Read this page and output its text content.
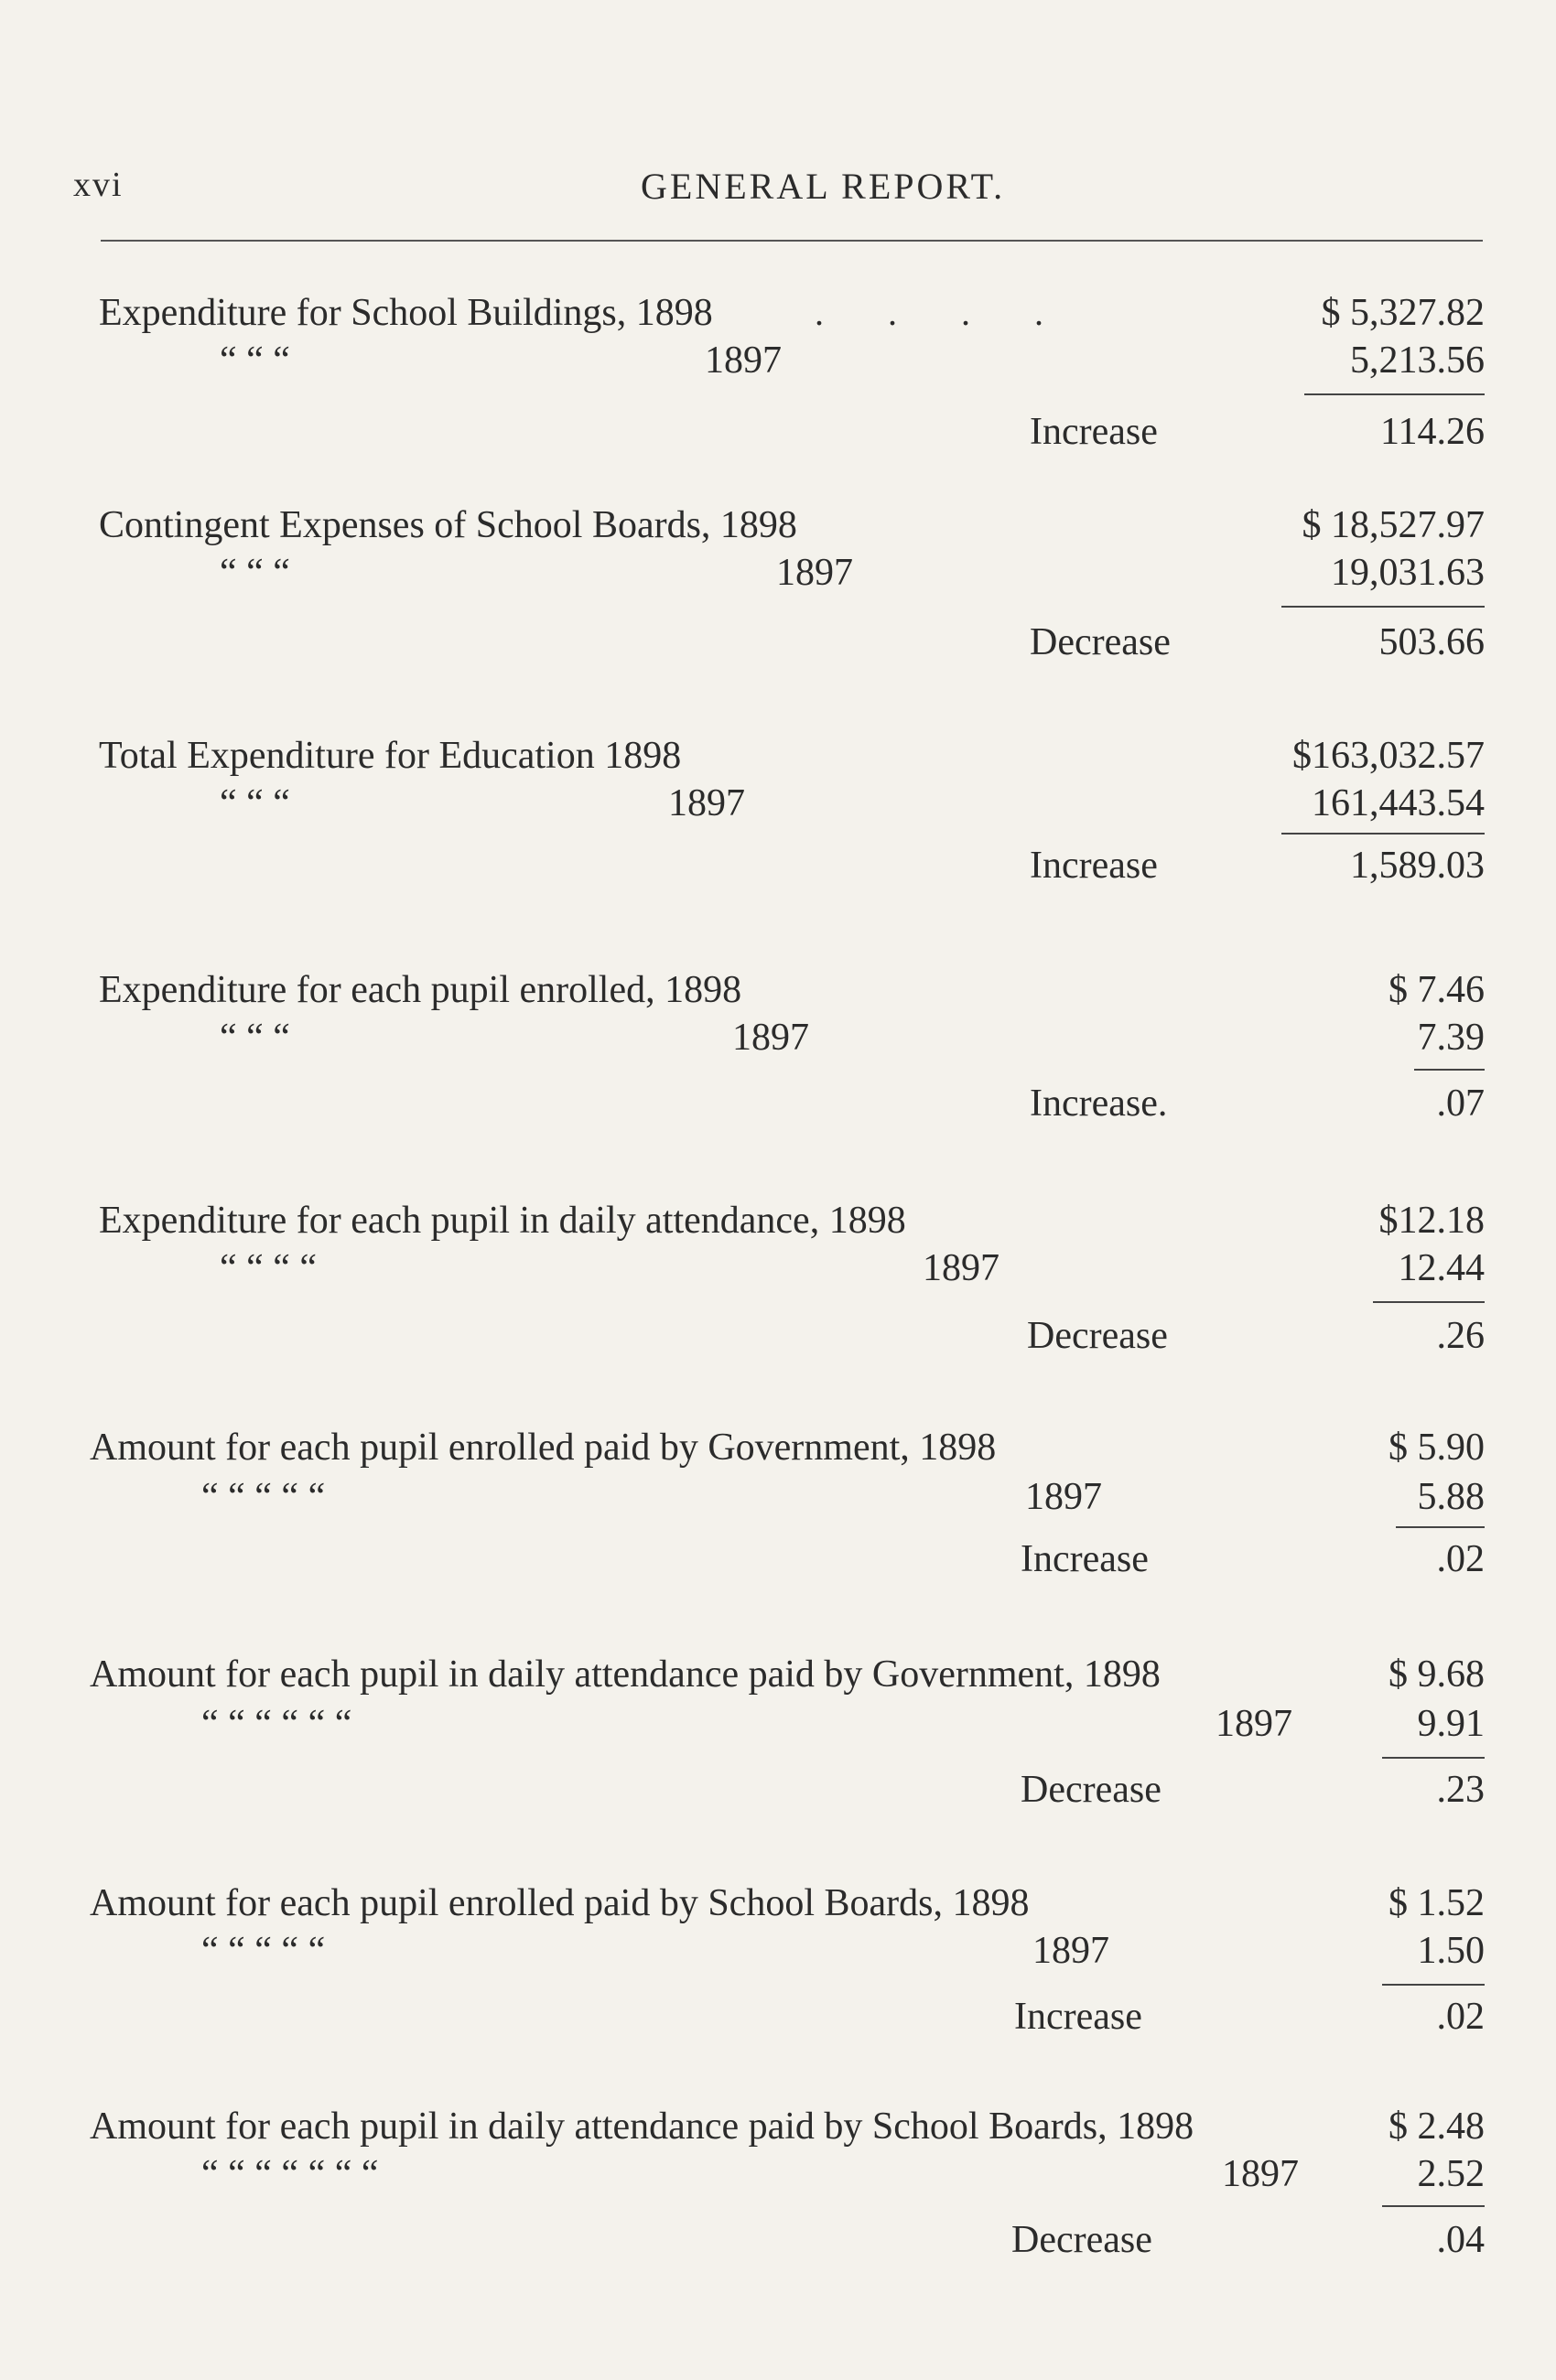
xvi	GENERAL REPORT.
Expenditure for School Buildings, 1898	.       .       .       .	$ 5,327.82
“ “ “	1897	5,213.56
Increase	114.26
Contingent Expenses of School Boards, 1898	$ 18,527.97
“ “ “	1897	19,031.63
Decrease	503.66
Total Expenditure for Education 1898	$163,032.57
“ “ “	1897	161,443.54
Increase	1,589.03
Expenditure for each pupil enrolled, 1898	$ 7.46
“ “ “	1897	7.39
Increase.	.07
Expenditure for each pupil in daily attendance, 1898	$12.18
“ “ “ “	1897	12.44
Decrease	.26
Amount for each pupil enrolled paid by Government, 1898	$ 5.90
“ “ “ “ “	1897	5.88
Increase	.02
Amount for each pupil in daily attendance paid by Government, 1898	$ 9.68
“ “ “ “ “ “	1897	9.91
Decrease	.23
Amount for each pupil enrolled paid by School Boards, 1898	$ 1.52
“ “ “ “ “	1897	1.50
Increase	.02
Amount for each pupil in daily attendance paid by School Boards, 1898	$ 2.48
“ “ “ “ “ “ “	1897	2.52
Decrease	.04
